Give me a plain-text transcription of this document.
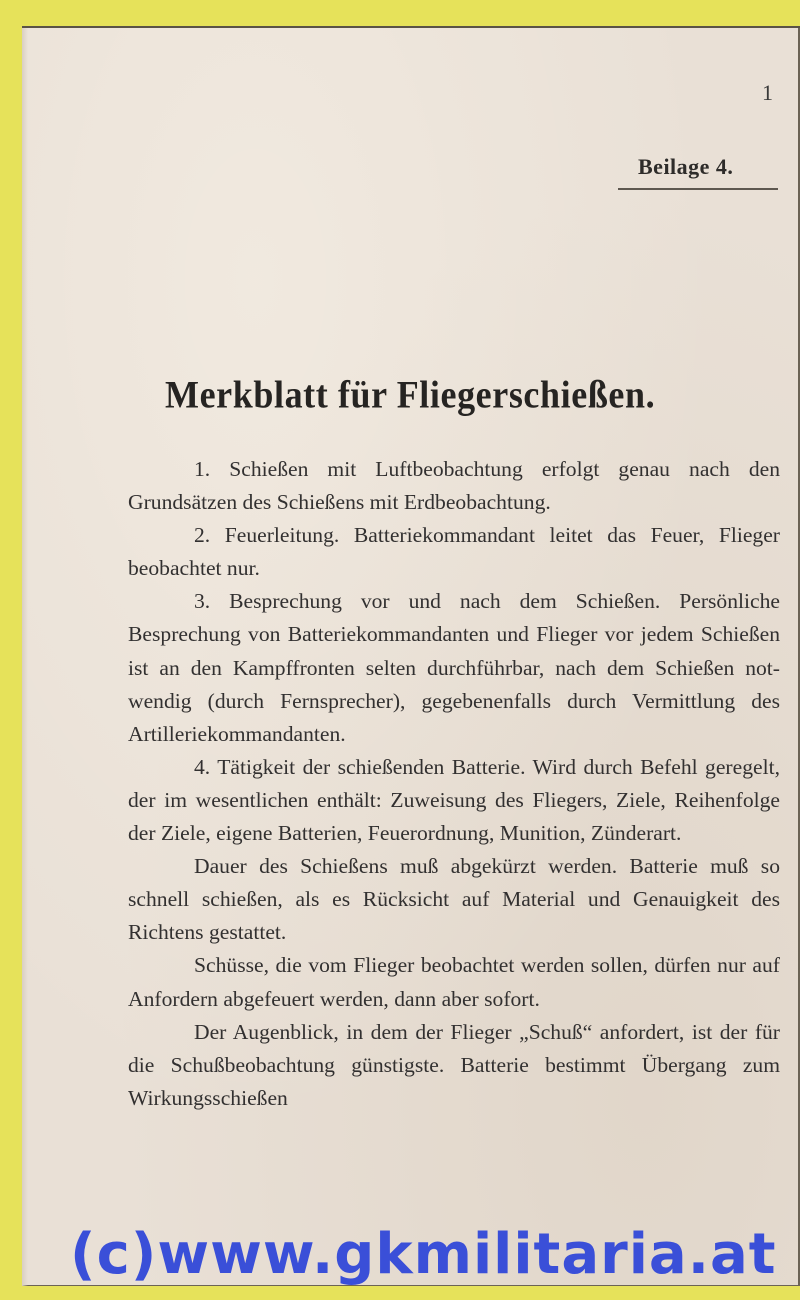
1
Beilage 4.
Merkblatt für Fliegerschießen.

1. Schießen mit Luftbeobachtung erfolgt genau nach den Grundsätzen des Schießens mit Erdbeobachtung.

2. Feuerleitung. Batteriekommandant leitet das Feuer, Flieger beobachtet nur.

3. Besprechung vor und nach dem Schießen. Persönliche Besprechung von Batteriekommandanten und Flieger vor jedem Schießen ist an den Kampffronten selten durchführbar, nach dem Schießen notwendig (durch Fernsprecher), gegebenenfalls durch Vermittlung des Artilleriekommandanten.

4. Tätigkeit der schießenden Batterie. Wird durch Befehl geregelt, der im wesentlichen enthält: Zuweisung des Fliegers, Ziele, Reihenfolge der Ziele, eigene Batterien, Feuerordnung, Munition, Zünderart.

Dauer des Schießens muß abgekürzt werden. Batterie muß so schnell schießen, als es Rücksicht auf Material und Genauigkeit des Richtens gestattet.

Schüsse, die vom Flieger beobachtet werden sollen, dürfen nur auf Anfordern abgefeuert werden, dann aber sofort.

Der Augenblick, in dem der Flieger „Schuß“ anfordert, ist der für die Schußbeobachtung günstigste. Batterie bestimmt Übergang zum Wirkungsschießen

(c)www.gkmilitaria.at
